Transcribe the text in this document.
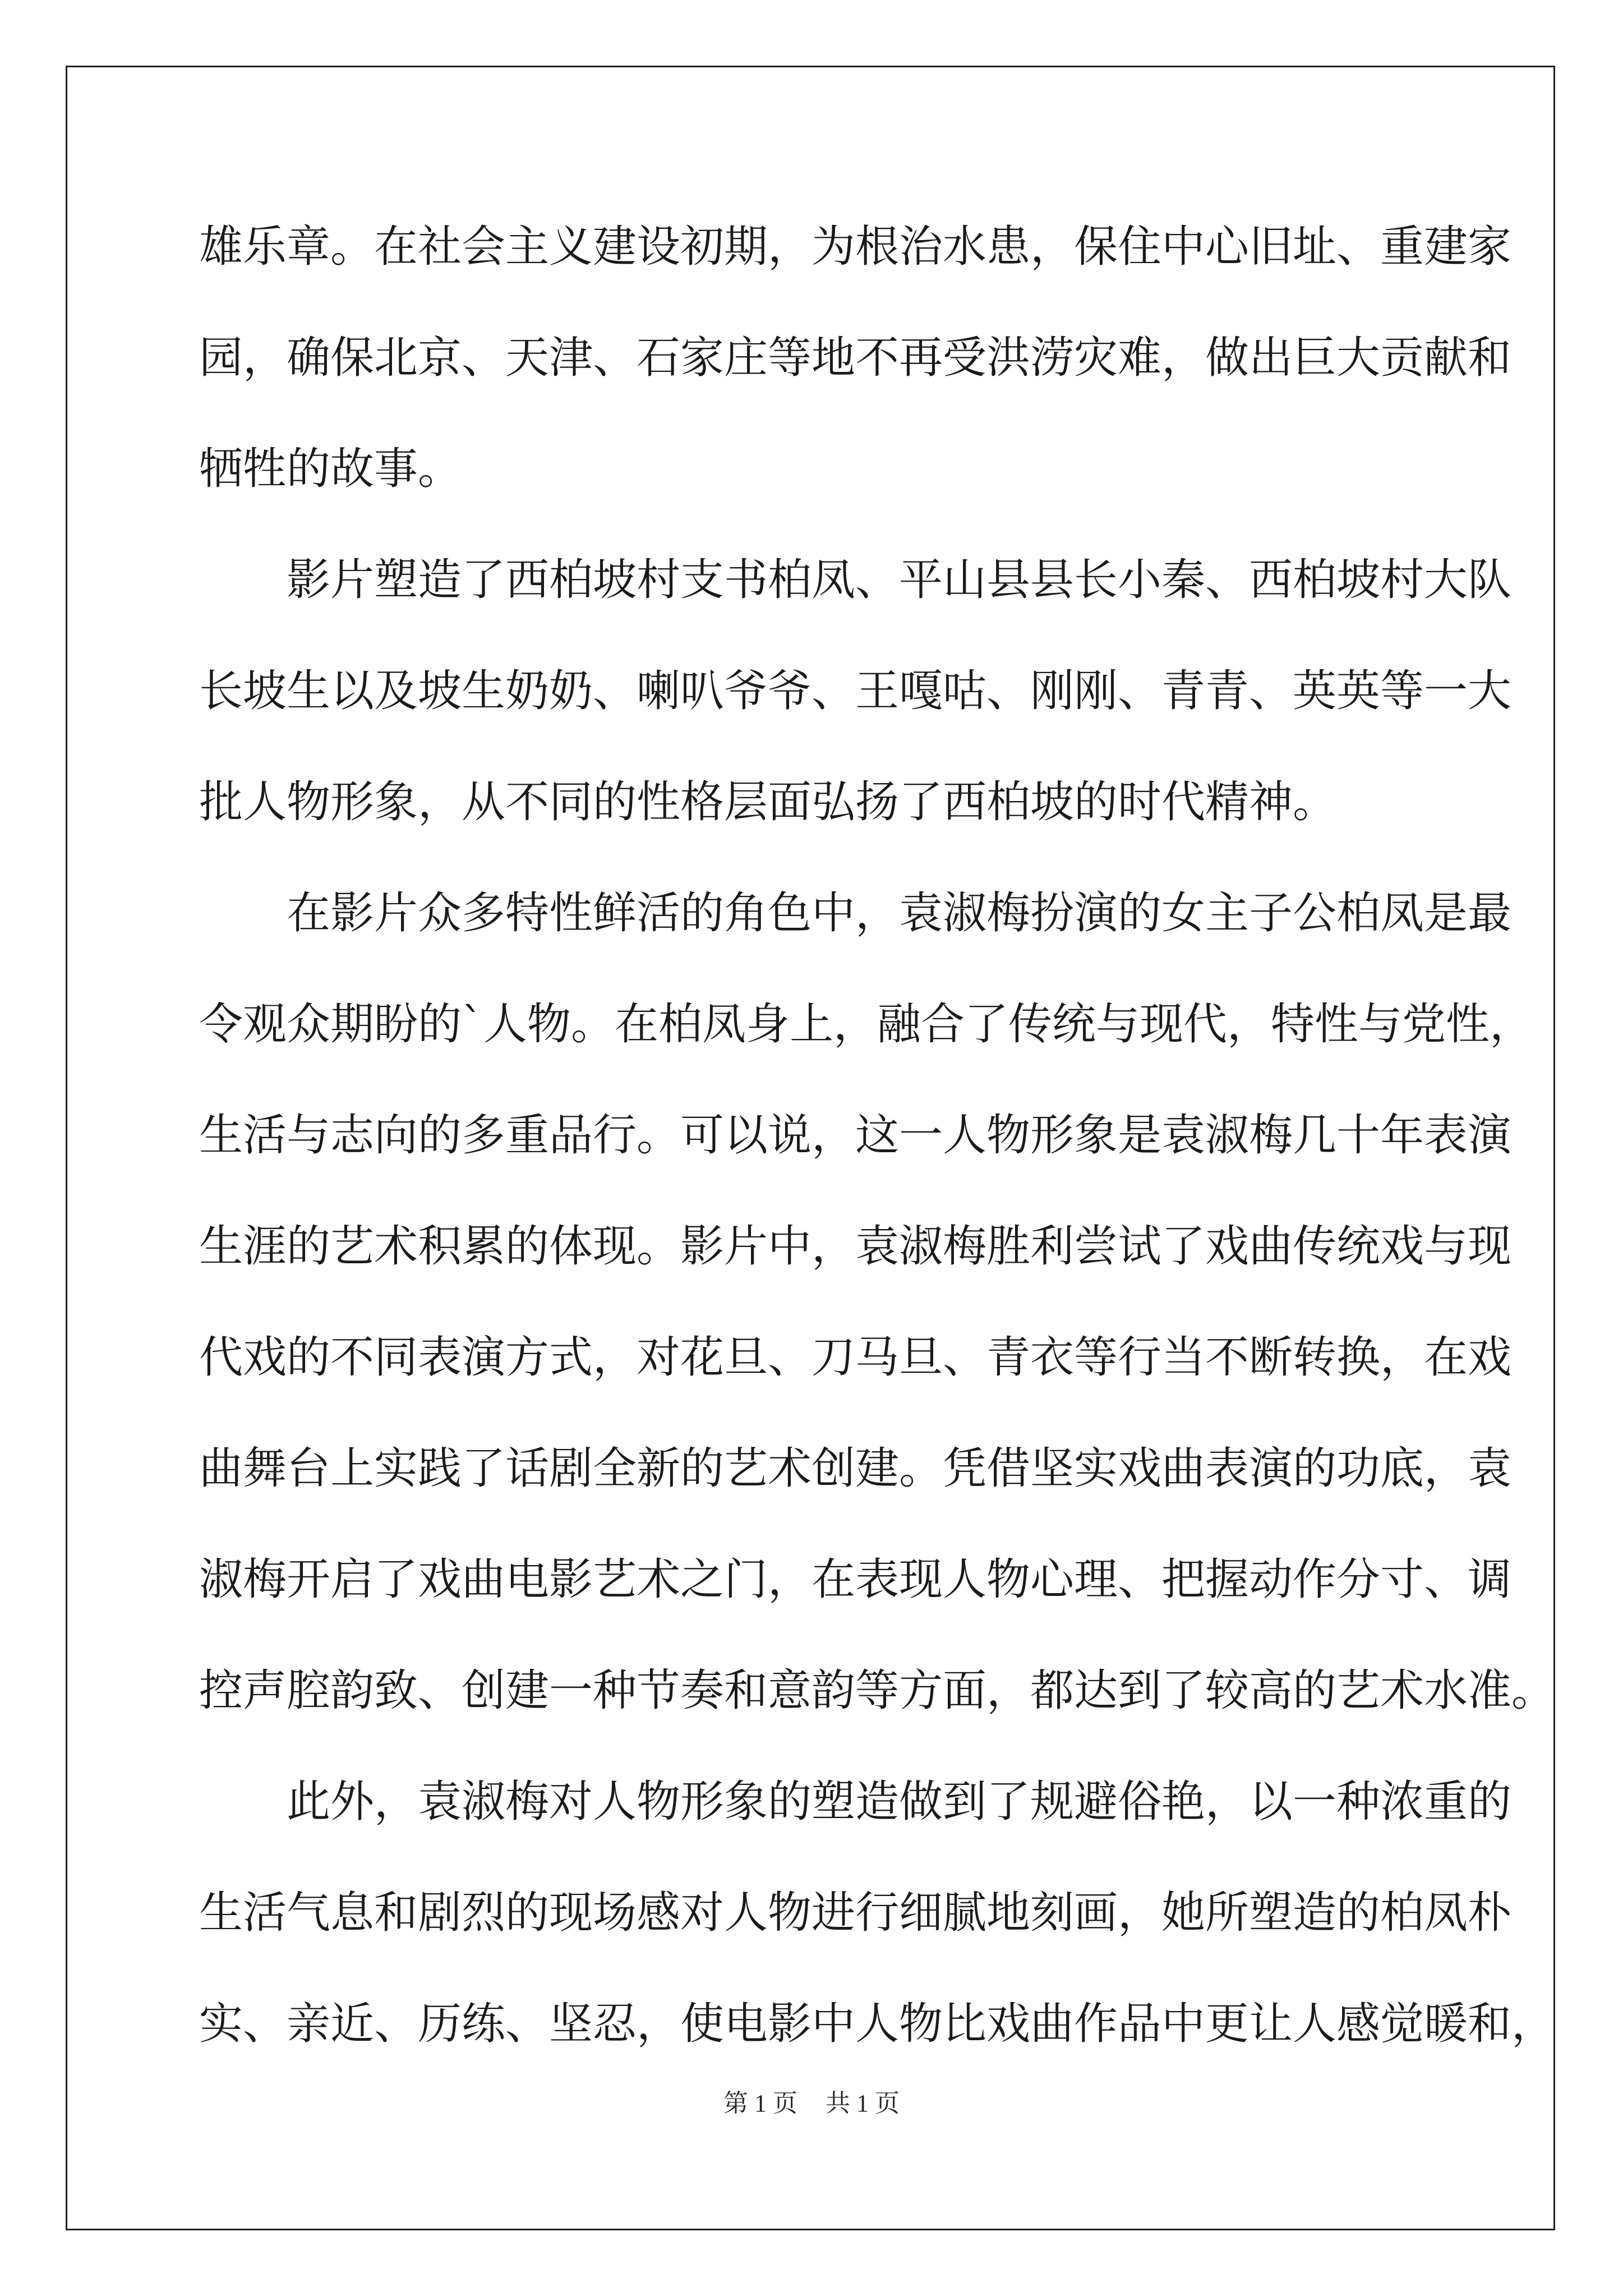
雄乐章。在社会主义建设初期，为根治水患，保住中心旧址、重建家
园，确保北京、天津、石家庄等地不再受洪涝灾难，做出巨大贡献和
牺牲的故事。
　　影片塑造了西柏坡村支书柏凤、平山县县长小秦、西柏坡村大队
长坡生以及坡生奶奶、喇叭爷爷、王嘎咕、刚刚、青青、英英等一大
批人物形象，从不同的性格层面弘扬了西柏坡的时代精神。
　　在影片众多特性鲜活的角色中，袁淑梅扮演的女主子公柏凤是最
令观众期盼的`人物。在柏凤身上，融合了传统与现代，特性与党性，
生活与志向的多重品行。可以说，这一人物形象是袁淑梅几十年表演
生涯的艺术积累的体现。影片中，袁淑梅胜利尝试了戏曲传统戏与现
代戏的不同表演方式，对花旦、刀马旦、青衣等行当不断转换，在戏
曲舞台上实践了话剧全新的艺术创建。凭借坚实戏曲表演的功底，袁
淑梅开启了戏曲电影艺术之门，在表现人物心理、把握动作分寸、调
控声腔韵致、创建一种节奏和意韵等方面，都达到了较高的艺术水准。
　　此外，袁淑梅对人物形象的塑造做到了规避俗艳，以一种浓重的
生活气息和剧烈的现场感对人物进行细腻地刻画，她所塑造的柏凤朴
实、亲近、历练、坚忍，使电影中人物比戏曲作品中更让人感觉暖和，
第 1 页 共 1 页
